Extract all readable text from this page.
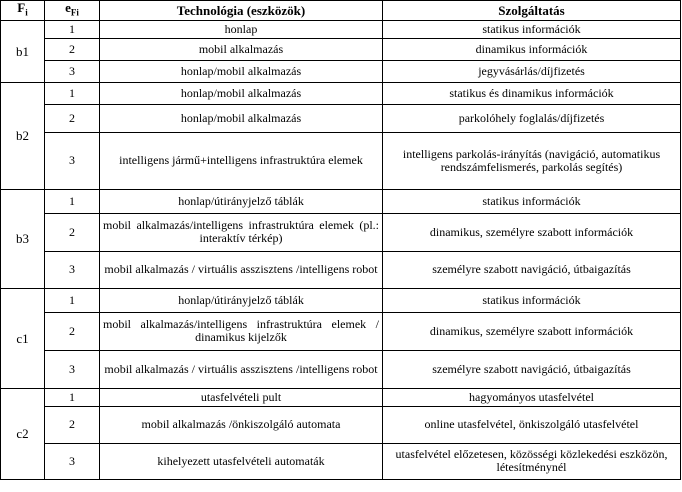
$F_i$	$e_{Fi}$	Technológia (eszközök)	Szolgáltatás
b1	1	honlap	statikus információk
	2	mobil alkalmazás	dinamikus információk
	3	honlap/mobil alkalmazás	jegyvásárlás/díjfizetés
b2	1	honlap/mobil alkalmazás	statikus és dinamikus információk
	2	honlap/mobil alkalmazás	parkolóhely foglalás/díjfizetés
	3	intelligens jármű+intelligens infrastruktúra elemek	intelligens parkolás-irányítás (navigáció, automatikus rendszámfelismerés, parkolás segítés)
b3	1	honlap/útirányjelző táblák	statikus információk
	2	mobil alkalmazás/intelligens infrastruktúra elemek (pl.: interaktív térkép)	dinamikus, személyre szabott információk
	3	mobil alkalmazás / virtuális asszisztens /intelligens robot	személyre szabott navigáció, útbaigazítás
c1	1	honlap/útirányjelző táblák	statikus információk
	2	mobil alkalmazás/intelligens infrastruktúra elemek / dinamikus kijelzők	dinamikus, személyre szabott információk
	3	mobil alkalmazás / virtuális asszisztens /intelligens robot	személyre szabott navigáció, útbaigazítás
c2	1	utasfelvételi pult	hagyományos utasfelvétel
	2	mobil alkalmazás /önkiszolgáló automata	online utasfelvétel, önkiszolgáló utasfelvétel
	3	kihelyezett utasfelvételi automaták	utasfelvétel előzetesen, közösségi közlekedési eszközön, létesítménynél
